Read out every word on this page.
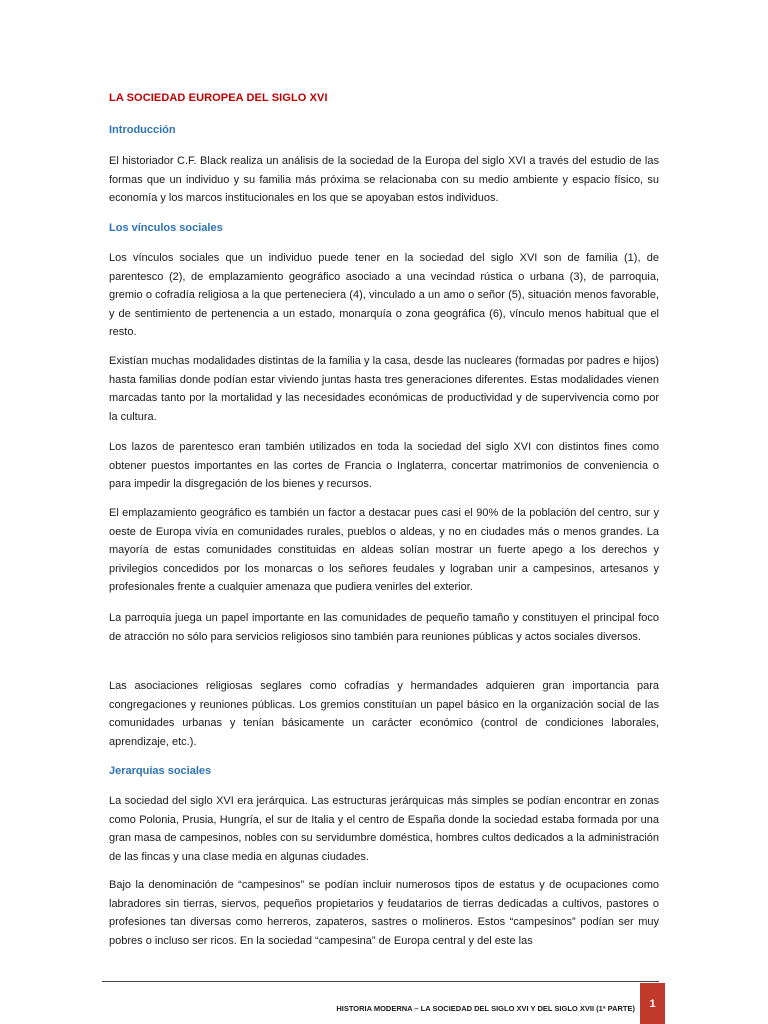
LA SOCIEDAD EUROPEA DEL SIGLO XVI
Introducción

El historiador C.F. Black realiza un análisis de la sociedad de la Europa del siglo XVI a través del estudio de las formas que un individuo y su familia más próxima se relacionaba con su medio ambiente y espacio físico, su economía y los marcos institucionales en los que se apoyaban estos individuos.

Los vínculos sociales

Los vínculos sociales que un individuo puede tener en la sociedad del siglo XVI son de familia (1), de parentesco (2), de emplazamiento geográfico asociado a una vecindad rústica o urbana (3), de parroquia, gremio o cofradía religiosa a la que perteneciera (4), vinculado a un amo o señor (5), situación menos favorable, y de sentimiento de pertenencia a un estado, monarquía o zona geográfica (6), vínculo menos habitual que el resto.

Existían muchas modalidades distintas de la familia y la casa, desde las nucleares (formadas por padres e hijos) hasta familias donde podían estar viviendo juntas hasta tres generaciones diferentes. Estas modalidades vienen marcadas tanto por la mortalidad y las necesidades económicas de productividad y de supervivencia como por la cultura.

Los lazos de parentesco eran también utilizados en toda la sociedad del siglo XVI con distintos fines como obtener puestos importantes en las cortes de Francia o Inglaterra, concertar matrimonios de conveniencia o para impedir la disgregación de los bienes y recursos.

El emplazamiento geográfico es también un factor a destacar pues casi el 90% de la población del centro, sur y oeste de Europa vivía en comunidades rurales, pueblos o aldeas, y no en ciudades más o menos grandes. La mayoría de estas comunidades constituidas en aldeas solían mostrar un fuerte apego a los derechos y privilegios concedidos por los monarcas o los señores feudales y lograban unir a campesinos, artesanos y profesionales frente a cualquier amenaza que pudiera venirles del exterior.

La parroquia juega un papel importante en las comunidades de pequeño tamaño y constituyen el principal foco de atracción no sólo para servicios religiosos sino también para reuniones públicas y actos sociales diversos.

Las asociaciones religiosas seglares como cofradías y hermandades adquieren gran importancia para congregaciones y reuniones públicas. Los gremios constituían un papel básico en la organización social de las comunidades urbanas y tenían básicamente un carácter económico (control de condiciones laborales, aprendizaje, etc.).

Jerarquías sociales

La sociedad del siglo XVI era jerárquica. Las estructuras jerárquicas más simples se podían encontrar en zonas como Polonia, Prusia, Hungría, el sur de Italia y el centro de España donde la sociedad estaba formada por una gran masa de campesinos, nobles con su servidumbre doméstica, hombres cultos dedicados a la administración de las fincas y una clase media en algunas ciudades.

Bajo la denominación de “campesinos” se podían incluir numerosos tipos de estatus y de ocupaciones como labradores sin tierras, siervos, pequeños propietarios y feudatarios de tierras dedicadas a cultivos, pastores o profesiones tan diversas como herreros, zapateros, sastres o molineros. Estos “campesinos” podían ser muy pobres o incluso ser ricos. En la sociedad “campesina” de Europa central y del este las

HISTORIA MODERNA – LA SOCIEDAD DEL SIGLO XVI Y DEL SIGLO XVII (1ª PARTE)	1
